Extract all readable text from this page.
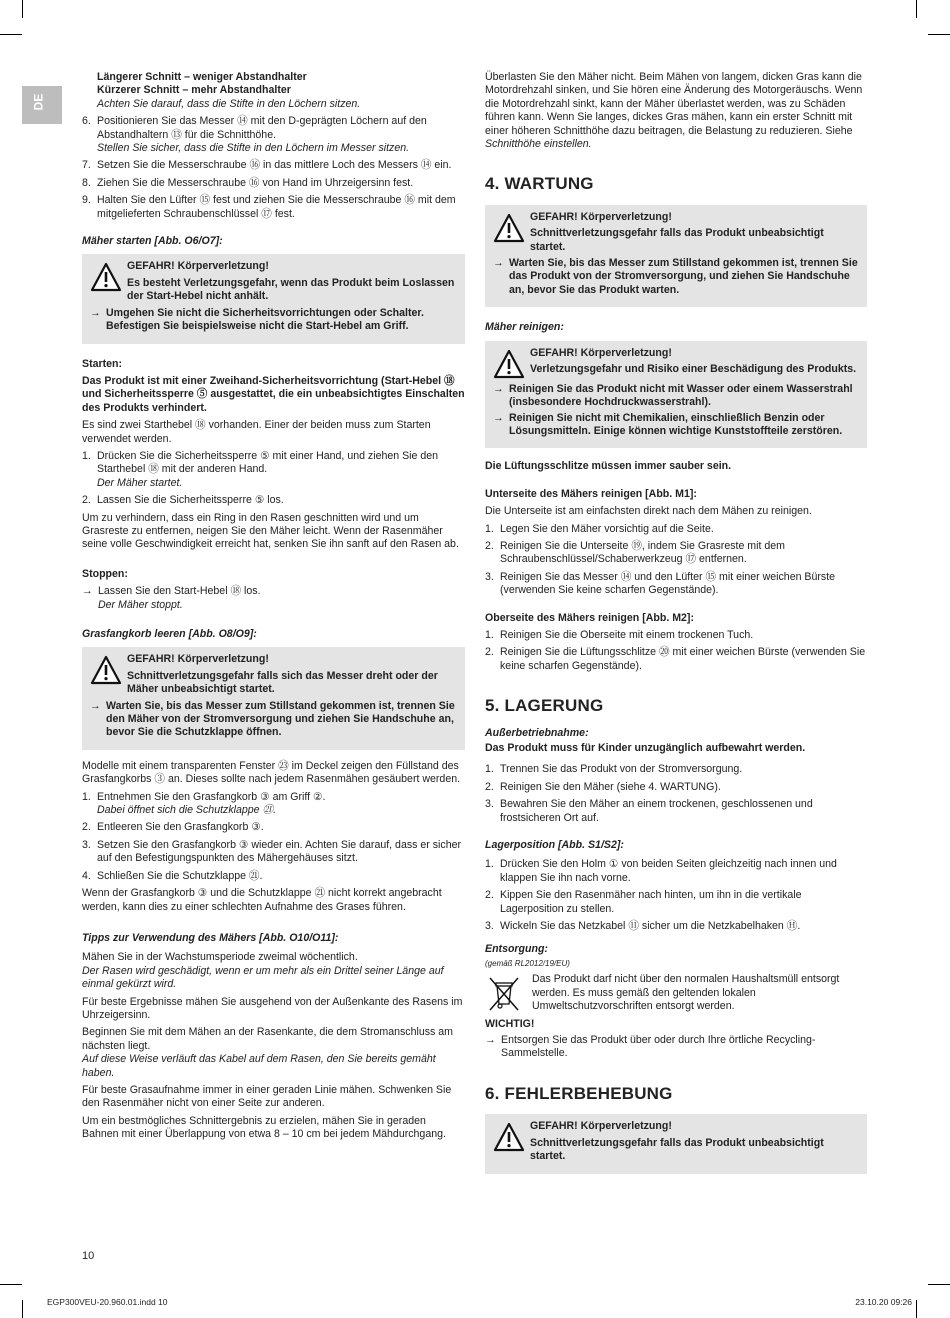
DE

Längerer Schnitt – weniger Abstandhalter

Kürzerer Schnitt – mehr Abstandhalter

Achten Sie darauf, dass die Stifte in den Löchern sitzen.

6. Positionieren Sie das Messer ⑭ mit den D-geprägten Löchern auf den Abstandhaltern ⑬ für die Schnitthöhe.
Stellen Sie sicher, dass die Stifte in den Löchern im Messer sitzen.
7. Setzen Sie die Messerschraube ⑯ in das mittlere Loch des Messers ⑭ ein.
8. Ziehen Sie die Messerschraube ⑯ von Hand im Uhrzeigersinn fest.
9. Halten Sie den Lüfter ⑮ fest und ziehen Sie die Messerschraube ⑯ mit dem mitgelieferten Schraubenschlüssel ⑰ fest.

Mäher starten [Abb. O6/O7]:

GEFAHR! Körperverletzung!

Es besteht Verletzungsgefahr, wenn das Produkt beim Loslassen der Start-Hebel nicht anhält.

→ Umgehen Sie nicht die Sicherheitsvorrichtungen oder Schalter. Befestigen Sie beispielsweise nicht die Start-Hebel am Griff.

Starten:

Das Produkt ist mit einer Zweihand-Sicherheitsvorrichtung (Start-Hebel ⑱ und Sicherheitssperre ⑤ ausgestattet, die ein unbeabsichtigtes Einschalten des Produkts verhindert.

Es sind zwei Starthebel ⑱ vorhanden. Einer der beiden muss zum Starten verwendet werden.

1. Drücken Sie die Sicherheitssperre ⑤ mit einer Hand, und ziehen Sie den Starthebel ⑱ mit der anderen Hand.
Der Mäher startet.
2. Lassen Sie die Sicherheitssperre ⑤ los.

Um zu verhindern, dass ein Ring in den Rasen geschnitten wird und um Grasreste zu entfernen, neigen Sie den Mäher leicht. Wenn der Rasenmäher seine volle Geschwindigkeit erreicht hat, senken Sie ihn sanft auf den Rasen ab.

Stoppen:

→ Lassen Sie den Start-Hebel ⑱ los.

Der Mäher stoppt.

Grasfangkorb leeren [Abb. O8/O9]:

GEFAHR! Körperverletzung!

Schnittverletzungsgefahr falls sich das Messer dreht oder der Mäher unbeabsichtigt startet.

→ Warten Sie, bis das Messer zum Stillstand gekommen ist, trennen Sie den Mäher von der Stromversorgung und ziehen Sie Handschuhe an, bevor Sie die Schutzklappe öffnen.

Modelle mit einem transparenten Fenster ㉓ im Deckel zeigen den Füllstand des Grasfangkorbs ③ an. Dieses sollte nach jedem Rasenmähen gesäubert werden.

1. Entnehmen Sie den Grasfangkorb ③ am Griff ②.
Dabei öffnet sich die Schutzklappe ㉑.
2. Entleeren Sie den Grasfangkorb ③.
3. Setzen Sie den Grasfangkorb ③ wieder ein. Achten Sie darauf, dass er sicher auf den Befestigungspunkten des Mähergehäuses sitzt.
4. Schließen Sie die Schutzklappe ㉑.

Wenn der Grasfangkorb ③ und die Schutzklappe ㉑ nicht korrekt angebracht werden, kann dies zu einer schlechten Aufnahme des Grases führen.

Tipps zur Verwendung des Mähers [Abb. O10/O11]:

Mähen Sie in der Wachstumsperiode zweimal wöchentlich.

Der Rasen wird geschädigt, wenn er um mehr als ein Drittel seiner Länge auf einmal gekürzt wird.

Für beste Ergebnisse mähen Sie ausgehend von der Außenkante des Rasens im Uhrzeigersinn.

Beginnen Sie mit dem Mähen an der Rasenkante, die dem Stromanschluss am nächsten liegt.

Auf diese Weise verläuft das Kabel auf dem Rasen, den Sie bereits gemäht haben.

Für beste Grasaufnahme immer in einer geraden Linie mähen. Schwenken Sie den Rasenmäher nicht von einer Seite zur anderen.

Um ein bestmögliches Schnittergebnis zu erzielen, mähen Sie in geraden Bahnen mit einer Überlappung von etwa 8 – 10 cm bei jedem Mähdurchgang.

Überlasten Sie den Mäher nicht. Beim Mähen von langem, dicken Gras kann die Motordrehzahl sinken, und Sie hören eine Änderung des Motorgeräuschs. Wenn die Motordrehzahl sinkt, kann der Mäher überlastet werden, was zu Schäden führen kann. Wenn Sie langes, dickes Gras mähen, kann ein erster Schnitt mit einer höheren Schnitthöhe dazu beitragen, die Belastung zu reduzieren. Siehe Schnitthöhe einstellen.

4. WARTUNG

GEFAHR! Körperverletzung!

Schnittverletzungsgefahr falls das Produkt unbeabsichtigt startet.

→ Warten Sie, bis das Messer zum Stillstand gekommen ist, trennen Sie das Produkt von der Stromversorgung, und ziehen Sie Handschuhe an, bevor Sie das Produkt warten.

Mäher reinigen:

GEFAHR! Körperverletzung!

Verletzungsgefahr und Risiko einer Beschädigung des Produkts.

→ Reinigen Sie das Produkt nicht mit Wasser oder einem Wasserstrahl (insbesondere Hochdruckwasserstrahl).

→ Reinigen Sie nicht mit Chemikalien, einschließlich Benzin oder Lösungsmitteln. Einige können wichtige Kunststoffteile zerstören.

Die Lüftungsschlitze müssen immer sauber sein.

Unterseite des Mähers reinigen [Abb. M1]:

Die Unterseite ist am einfachsten direkt nach dem Mähen zu reinigen.

1. Legen Sie den Mäher vorsichtig auf die Seite.
2. Reinigen Sie die Unterseite ⑲, indem Sie Grasreste mit dem Schraubenschlüssel/Schaberwerkzeug ⑰ entfernen.
3. Reinigen Sie das Messer ⑭ und den Lüfter ⑮ mit einer weichen Bürste (verwenden Sie keine scharfen Gegenstände).

Oberseite des Mähers reinigen [Abb. M2]:

1. Reinigen Sie die Oberseite mit einem trockenen Tuch.
2. Reinigen Sie die Lüftungsschlitze ⑳ mit einer weichen Bürste (verwenden Sie keine scharfen Gegenstände).
5. LAGERUNG

Außerbetriebnahme:

Das Produkt muss für Kinder unzugänglich aufbewahrt werden.

1. Trennen Sie das Produkt von der Stromversorgung.
2. Reinigen Sie den Mäher (siehe 4. WARTUNG).
3. Bewahren Sie den Mäher an einem trockenen, geschlossenen und frostsicheren Ort auf.

Lagerposition [Abb. S1/S2]:

1. Drücken Sie den Holm ① von beiden Seiten gleichzeitig nach innen und klappen Sie ihn nach vorne.
2. Kippen Sie den Rasenmäher nach hinten, um ihn in die vertikale Lagerposition zu stellen.
3. Wickeln Sie das Netzkabel ⑪ sicher um die Netzkabelhaken Ⓗ.

Entsorgung:

(gemäß RL2012/19/EU)

Das Produkt darf nicht über den normalen Haushaltsmüll entsorgt werden. Es muss gemäß den geltenden lokalen Umweltschutzvorschriften entsorgt werden.

WICHTIG!

→ Entsorgen Sie das Produkt über oder durch Ihre örtliche Recycling-Sammelstelle.

6. FEHLERBEHEBUNG

GEFAHR! Körperverletzung!

Schnittverletzungsgefahr falls das Produkt unbeabsichtigt startet.

10
EGP300VEU-20.960.01.indd 10	23.10.20 09:26
